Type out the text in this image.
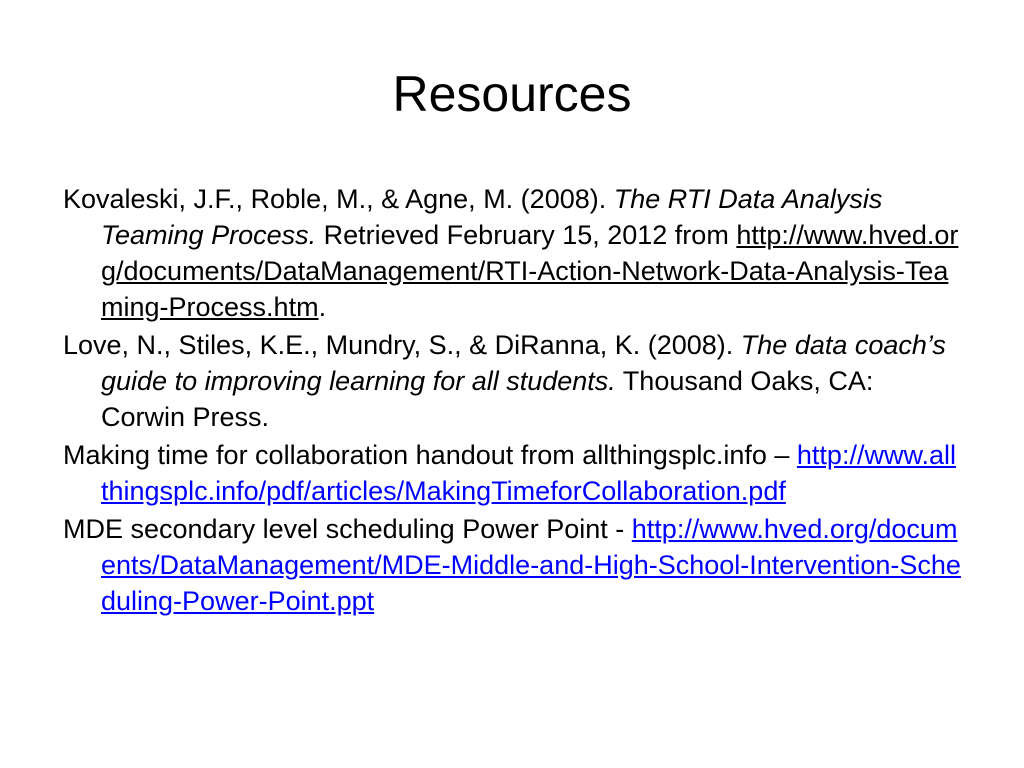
Resources
Kovaleski, J.F., Roble, M., & Agne, M. (2008). The RTI Data Analysis Teaming Process. Retrieved February 15, 2012 from http://www.hved.org/documents/DataManagement/RTI-Action-Network-Data-Analysis-Teaming-Process.htm.
Love, N., Stiles, K.E., Mundry, S., & DiRanna, K. (2008). The data coach’s guide to improving learning for all students. Thousand Oaks, CA: Corwin Press.
Making time for collaboration handout from allthingsplc.info – http://www.allthingsplc.info/pdf/articles/MakingTimeforCollaboration.pdf
MDE secondary level scheduling Power Point - http://www.hved.org/documents/DataManagement/MDE-Middle-and-High-School-Intervention-Scheduling-Power-Point.ppt
